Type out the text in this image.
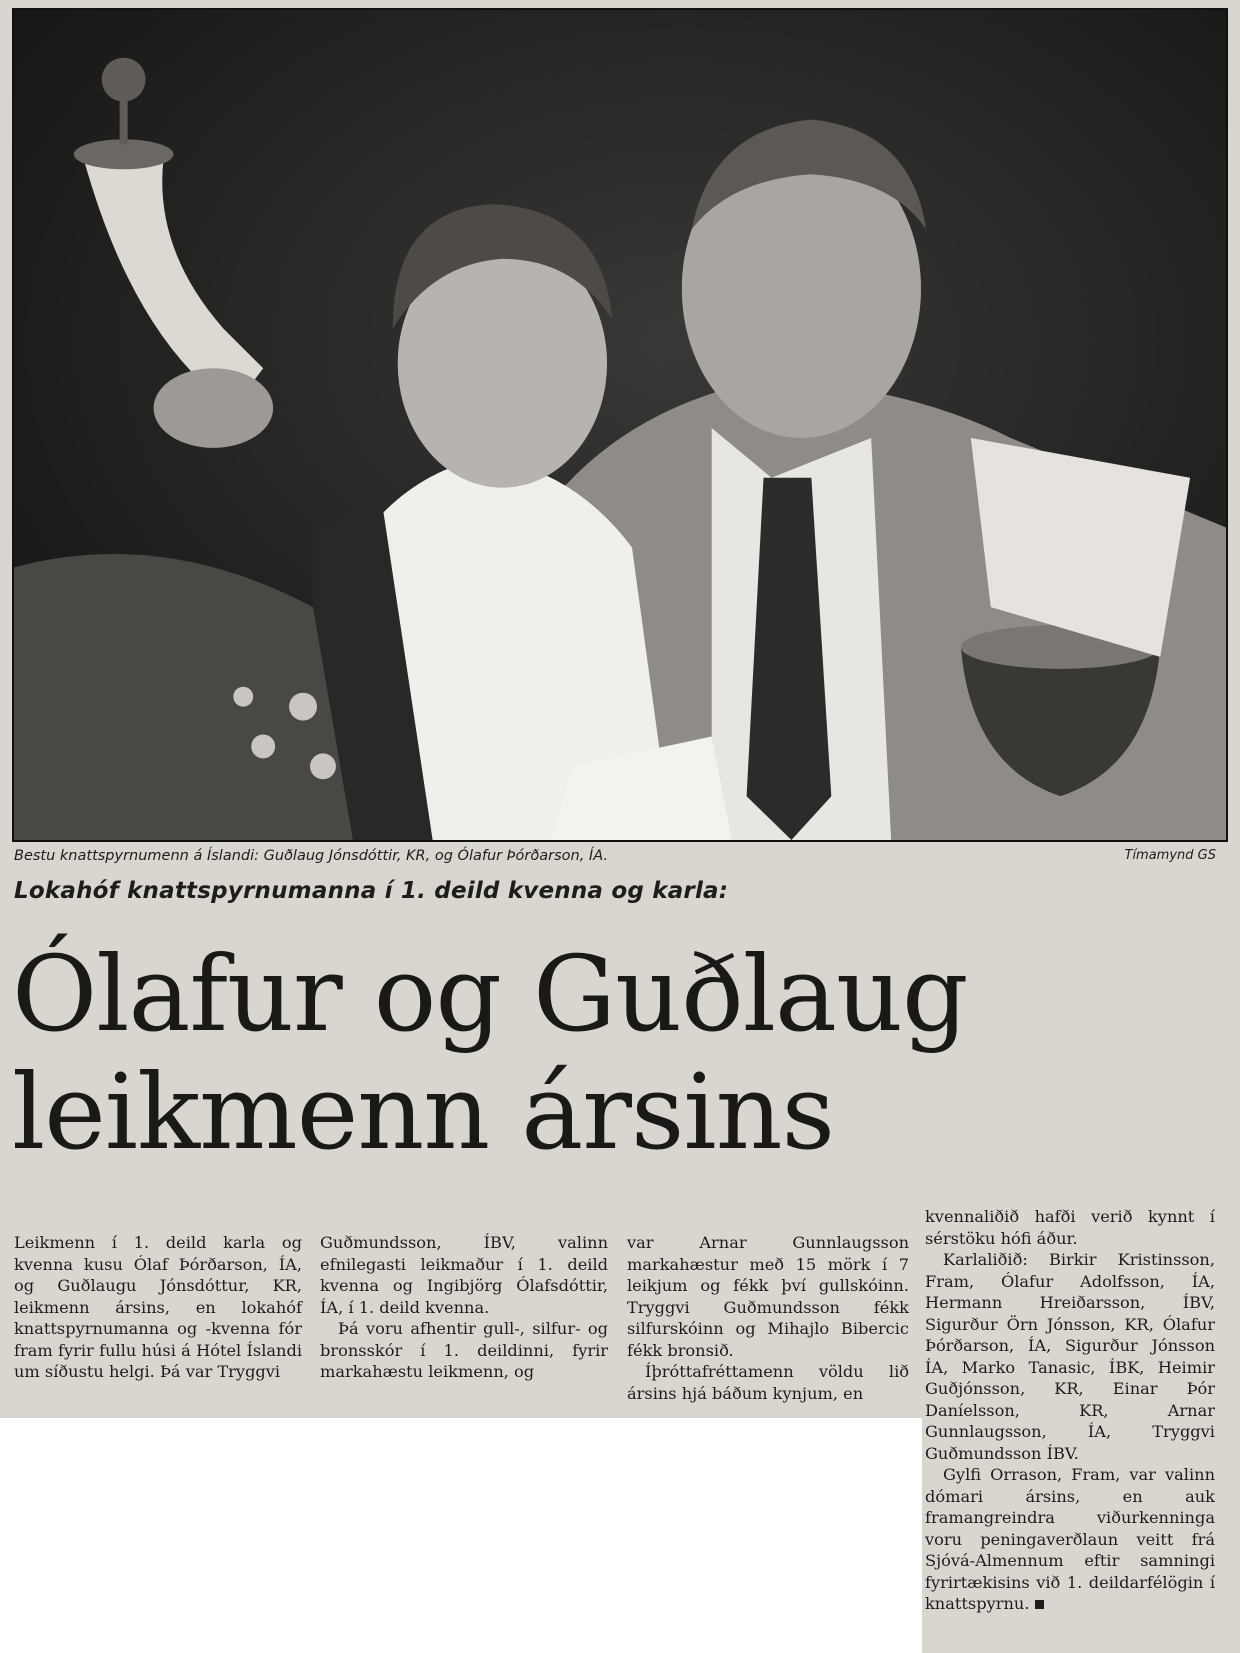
Bestu knattspyrnumenn á Íslandi: Guðlaug Jónsdóttir, KR, og Ólafur Þórðarson, ÍA.	Tímamynd GS
Lokahóf knattspyrnumanna í 1. deild kvenna og karla:
Ólafur og Guðlaug
leikmenn ársins

Leikmenn í 1. deild karla og kvenna kusu Ólaf Þórðarson, ÍA, og Guðlaugu Jónsdóttur, KR, leikmenn ársins, en lokahóf knattspyrnumanna og -kvenna fór fram fyrir fullu húsi á Hótel Íslandi um síðustu helgi. Þá var Tryggvi

Guðmundsson, ÍBV, valinn efnilegasti leikmaður í 1. deild kvenna og Ingibjörg Ólafsdóttir, ÍA, í 1. deild kvenna.

Þá voru afhentir gull-, silfur- og bronsskór í 1. deildinni, fyrir markahæstu leikmenn, og

var Arnar Gunnlaugsson markahæstur með 15 mörk í 7 leikjum og fékk því gullskóinn. Tryggvi Guðmundsson fékk silfurskóinn og Mihajlo Bibercic fékk bronsið.

Íþróttafréttamenn völdu lið ársins hjá báðum kynjum, en

kvennaliðið hafði verið kynnt í sérstöku hófi áður.

Karlaliðið: Birkir Kristinsson, Fram, Ólafur Adolfsson, ÍA, Hermann Hreiðarsson, ÍBV, Sigurður Örn Jónsson, KR, Ólafur Þórðarson, ÍA, Sigurður Jónsson ÍA, Marko Tanasic, ÍBK, Heimir Guðjónsson, KR, Einar Þór Daníelsson, KR, Arnar Gunnlaugsson, ÍA, Tryggvi Guðmundsson ÍBV.

Gylfi Orrason, Fram, var valinn dómari ársins, en auk framangreindra viðurkenninga voru peningaverðlaun veitt frá Sjóvá-Almennum eftir samningi fyrirtækisins við 1. deildarfélögin í knattspyrnu.
